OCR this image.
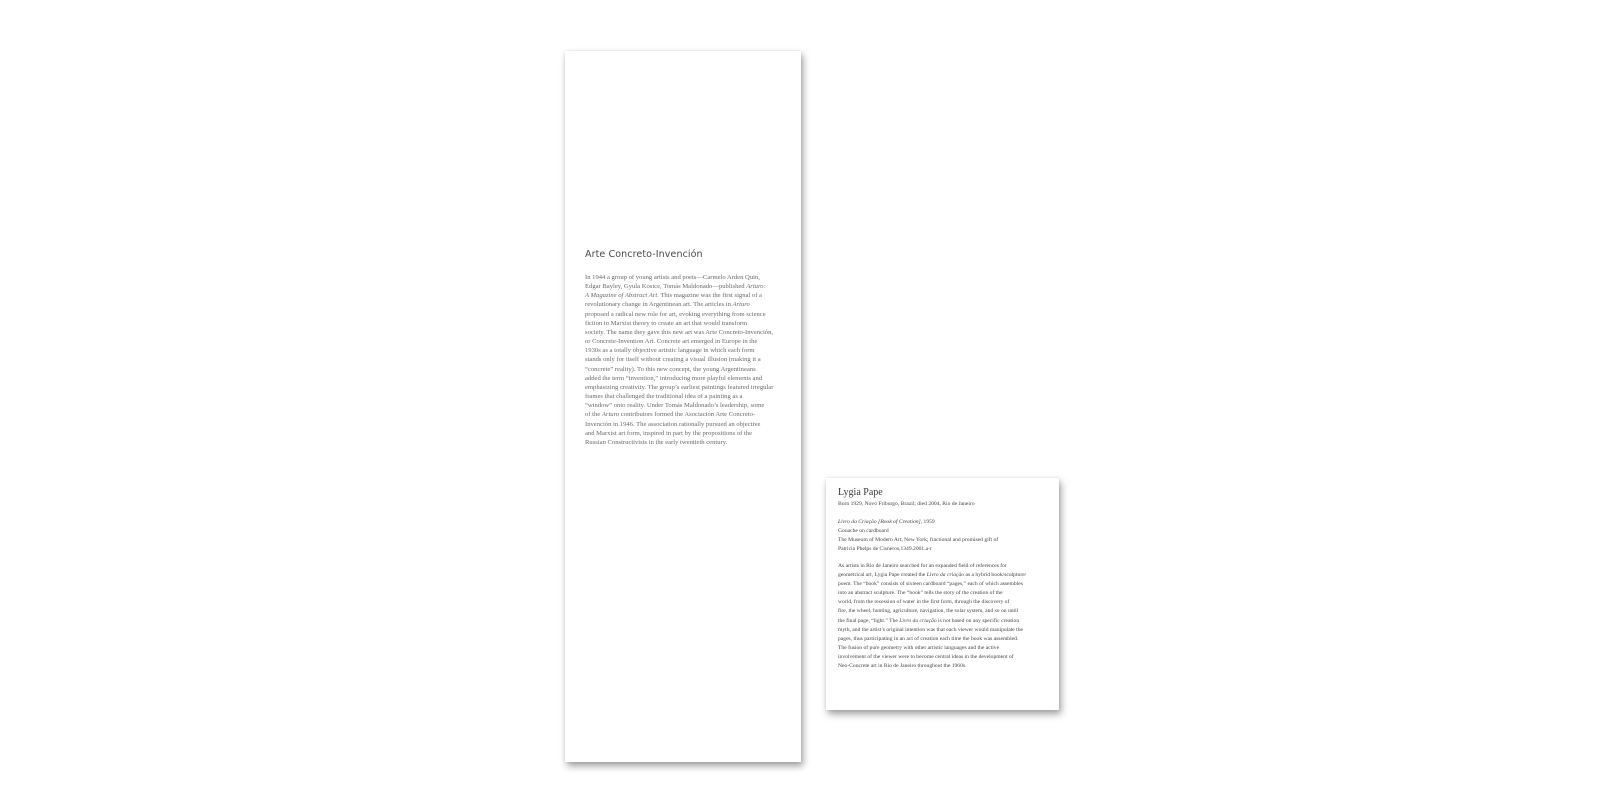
Arte Concreto-Invención
In 1944 a group of young artists and poets—Carmelo Arden Quin,
Edgar Bayley, Gyula Kosice, Tomás Maldonado—published Arturo:
A Magazine of Abstract Art. This magazine was the first signal of a
revolutionary change in Argentinean art. The articles in Arturo
proposed a radical new role for art, evoking everything from science
fiction to Marxist theory to create an art that would transform
society. The name they gave this new art was Arte Concreto-Invención,
or Concrete-Invention Art. Concrete art emerged in Europe in the
1930s as a totally objective artistic language in which each form
stands only for itself without creating a visual illusion (making it a
“concrete” reality). To this new concept, the young Argentineans
added the term “invention,” introducing more playful elements and
emphasizing creativity. The group’s earliest paintings featured irregular
frames that challenged the traditional idea of a painting as a
“window” onto reality. Under Tomás Maldonado’s leadership, some
of the Arturo contributors formed the Asociación Arte Concreto-
Invención in 1946. The association rationally pursued an objective
and Marxist art form, inspired in part by the propositions of the
Russian Constructivists in the early twentieth century.
Lygia Pape
Born 1929, Novo Friburgo, Brazil; died 2004, Rio de Janeiro
Livro da Criação [Book of Creation], 1959
Gouache on cardboard
The Museum of Modern Art, New York; fractional and promised gift of
Patricia Phelps de Cisneros,1349.2001.a-r
As artists in Rio de Janeiro searched for an expanded field of references for
geometrical art, Lygia Pape created the Livro da criação as a hybrid book/sculpture/
poem. The “book” consists of sixteen cardboard “pages,” each of which assembles
into an abstract sculpture. The “book” tells the story of the creation of the
world, from the recession of water in the first form, through the discovery of
fire, the wheel, hunting, agriculture, navigation, the solar system, and so on until
the final page, “light.” The Livro da criação is not based on any specific creation
myth, and the artist’s original intention was that each viewer would manipulate the
pages, thus participating in an act of creation each time the book was assembled.
The fusion of pure geometry with other artistic languages and the active
involvement of the viewer were to become central ideas in the development of
Neo-Concrete art in Rio de Janeiro throughout the 1960s.
